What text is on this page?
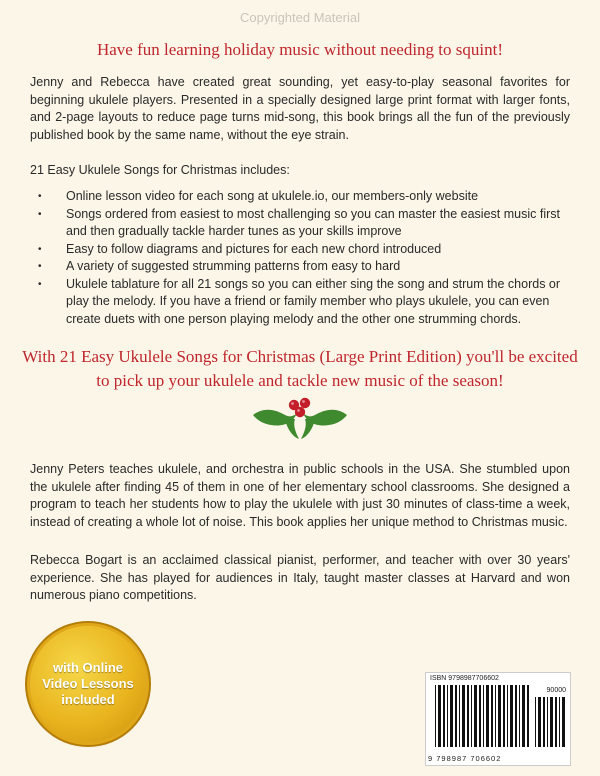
Copyrighted Material
Have fun learning holiday music without needing to squint!
Jenny and Rebecca have created great sounding, yet easy-to-play seasonal favorites for beginning ukulele players. Presented in a specially designed large print format with larger fonts, and 2-page layouts to reduce page turns mid-song, this book brings all the fun of the previously published book by the same name, without the eye strain.
21 Easy Ukulele Songs for Christmas includes:
• Online lesson video for each song at ukulele.io, our members-only website
• Songs ordered from easiest to most challenging so you can master the easiest music first and then gradually tackle harder tunes as your skills improve
• Easy to follow diagrams and pictures for each new chord introduced
• A variety of suggested strumming patterns from easy to hard
• Ukulele tablature for all 21 songs so you can either sing the song and strum the chords or play the melody. If you have a friend or family member who plays ukulele, you can even create duets with one person playing melody and the other one strumming chords.
With 21 Easy Ukulele Songs for Christmas (Large Print Edition) you'll be excited to pick up your ukulele and tackle new music of the season!
Jenny Peters teaches ukulele, and orchestra in public schools in the USA. She stumbled upon the ukulele after finding 45 of them in one of her elementary school classrooms. She designed a program to teach her students how to play the ukulele with just 30 minutes of class-time a week, instead of creating a whole lot of noise. This book applies her unique method to Christmas music.
Rebecca Bogart is an acclaimed classical pianist, performer, and teacher with over 30 years' experience. She has played for audiences in Italy, taught master classes at Harvard and won numerous piano competitions.
with Online
Video Lessons
included
ISBN 9798987706602
90000
9 798987 706602
